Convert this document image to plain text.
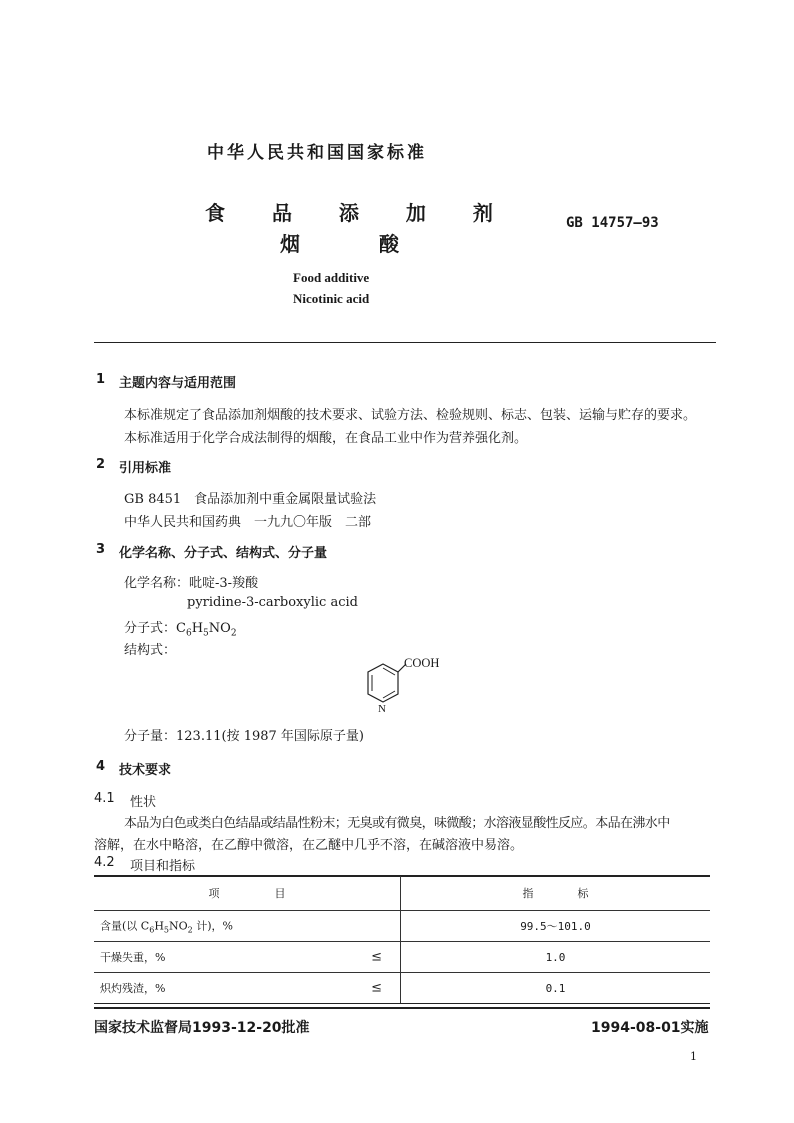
中华人民共和国国家标准
食 品 添 加 剂
烟 酸
GB 14757—93
Food additive
Nicotinic acid
1 主题内容与适用范围
本标准规定了食品添加剂烟酸的技术要求、试验方法、检验规则、标志、包装、运输与贮存的要求。
本标准适用于化学合成法制得的烟酸，在食品工业中作为营养强化剂。
2 引用标准
GB 8451　食品添加剂中重金属限量试验法
中华人民共和国药典　一九九〇年版　二部
3 化学名称、分子式、结构式、分子量
化学名称：吡啶-3-羧酸
pyridine-3-carboxylic acid
分子式：$C_6H_5NO_2$
结构式：
COOH
N
分子量：123.11(按 1987 年国际原子量)
4 技术要求
4.1 性状
本品为白色或类白色结晶或结晶性粉末；无臭或有微臭，味微酸；水溶液显酸性反应。本品在沸水中
溶解，在水中略溶，在乙醇中微溶，在乙醚中几乎不溶，在碱溶液中易溶。
4.2 项目和指标
项　　　　　目	指　　　　标

含量(以 $C_6H_5NO_2$ 计)，%	99.5～101.0

干燥失重，% ≤	1.0

炽灼残渣，% ≤	0.1
国家技术监督局1993-12-20批准	1994-08-01实施
1
